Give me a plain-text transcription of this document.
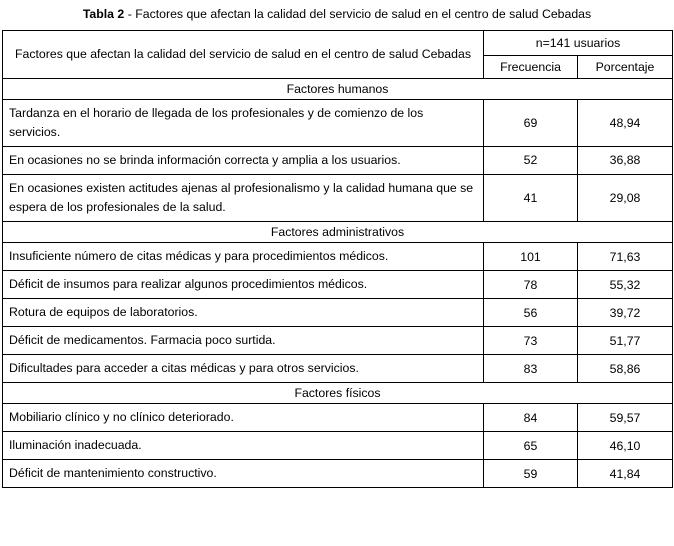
Tabla 2 - Factores que afectan la calidad del servicio de salud en el centro de salud Cebadas
Factores que afectan la calidad del servicio de salud en el centro de salud Cebadas	n=141 usuarios	
	Frecuencia	Porcentaje
Factores humanos		
Tardanza en el horario de llegada de los profesionales y de comienzo de los servicios.	69	48,94
En ocasiones no se brinda información correcta y amplia a los usuarios.	52	36,88
En ocasiones existen actitudes ajenas al profesionalismo y la calidad humana que se espera de los profesionales de la salud.	41	29,08
Factores administrativos		
Insuficiente número de citas médicas y para procedimientos médicos.	101	71,63
Déficit de insumos para realizar algunos procedimientos médicos.	78	55,32
Rotura de equipos de laboratorios.	56	39,72
Déficit de medicamentos. Farmacia poco surtida.	73	51,77
Dificultades para acceder a citas médicas y para otros servicios.	83	58,86
Factores físicos		
Mobiliario clínico y no clínico deteriorado.	84	59,57
Iluminación inadecuada.	65	46,10
Déficit de mantenimiento constructivo.	59	41,84
